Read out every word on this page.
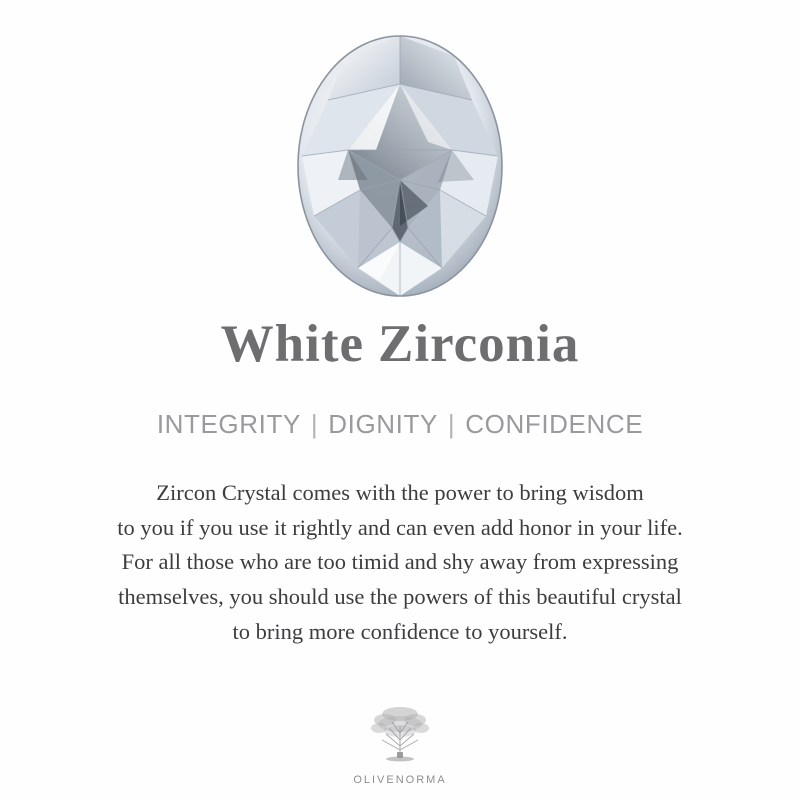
White Zirconia
INTEGRITY | DIGNITY | CONFIDENCE
Zircon Crystal comes with the power to bring wisdom
to you if you use it rightly and can even add honor in your life.
For all those who are too timid and shy away from expressing
themselves, you should use the powers of this beautiful crystal
to bring more confidence to yourself.
OLIVENORMA
